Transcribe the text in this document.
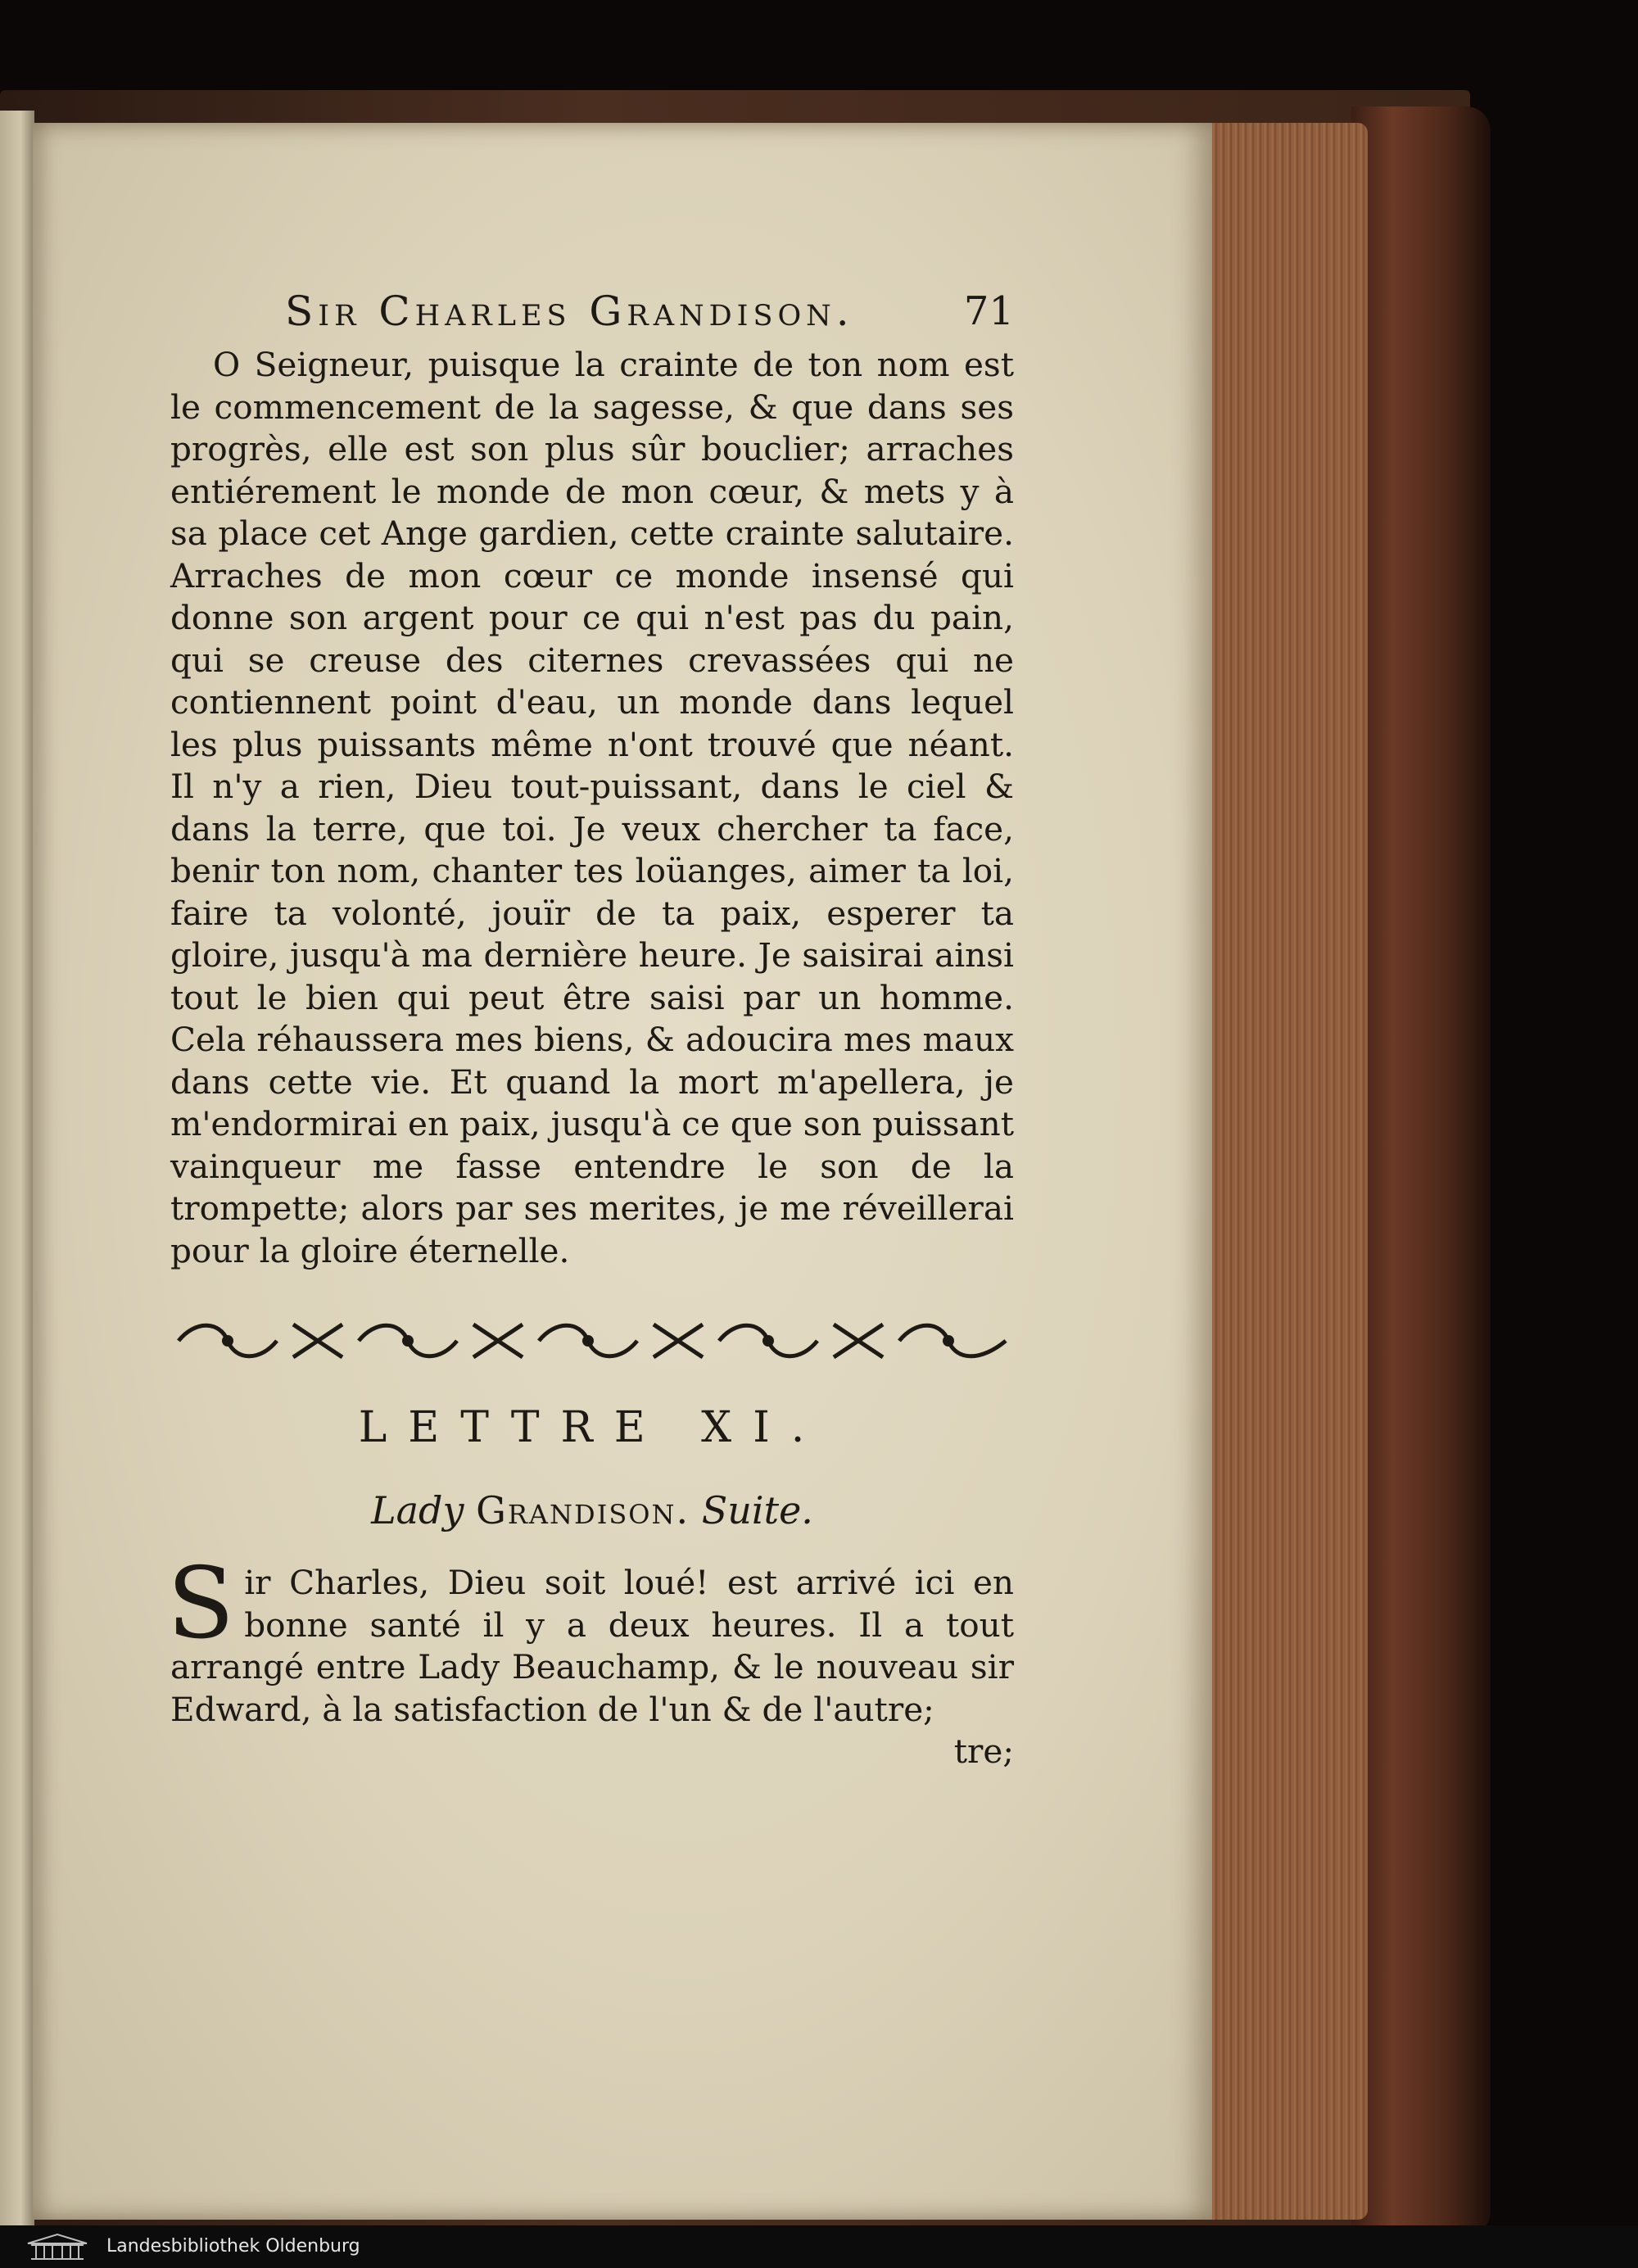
Sir Charles Grandison.	71

O Seigneur, puisque la crainte de ton nom est le commencement de la sagesse, & que dans ses progrès, elle est son plus sûr bouclier; arraches entiérement le monde de mon cœur, & mets y à sa place cet Ange gardien, cette crainte salutaire. Arraches de mon cœur ce monde insensé qui donne son argent pour ce qui n'est pas du pain, qui se creuse des citernes crevassées qui ne contiennent point d'eau, un monde dans lequel les plus puissants même n'ont trouvé que néant. Il n'y a rien, Dieu tout-puissant, dans le ciel & dans la terre, que toi. Je veux chercher ta face, benir ton nom, chanter tes loüanges, aimer ta loi, faire ta volonté, jouïr de ta paix, esperer ta gloire, jusqu'à ma dernière heure. Je saisirai ainsi tout le bien qui peut être saisi par un homme. Cela réhaussera mes biens, & adoucira mes maux dans cette vie. Et quand la mort m'apellera, je m'endormirai en paix, jusqu'à ce que son puissant vainqueur me fasse entendre le son de la trompette; alors par ses merites, je me réveillerai pour la gloire éternelle.

LETTRE XI.
Lady Grandison. Suite.
Sir Charles, Dieu soit loué! est arrivé ici en bonne santé il y a deux heures. Il a tout arrangé entre Lady Beauchamp, & le nouveau sir Edward, à la satisfaction de l'un & de l'autre;
tre;
Landesbibliothek Oldenburg
